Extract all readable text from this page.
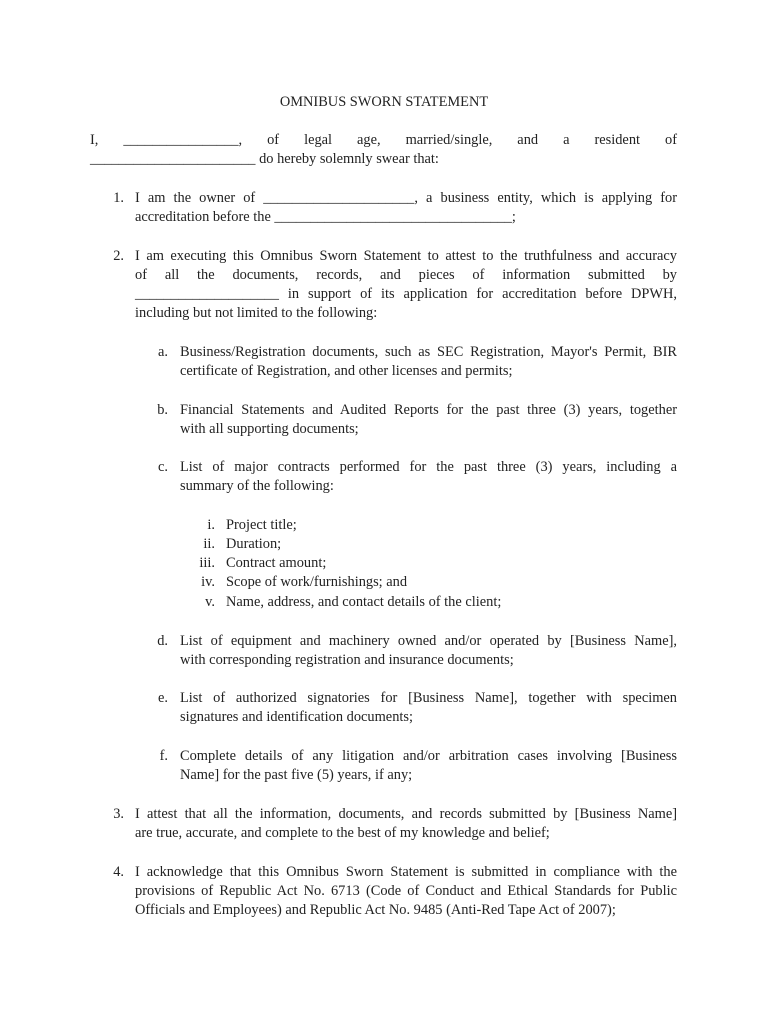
OMNIBUS SWORN STATEMENT
I, ________________, of legal age, married/single, and a resident of
_______________________ do hereby solemnly swear that:
1. I am the owner of _____________________, a business entity, which is applying for
accreditation before the _________________________________;
2. I am executing this Omnibus Sworn Statement to attest to the truthfulness and accuracy
of all the documents, records, and pieces of information submitted by
____________________ in support of its application for accreditation before DPWH,
including but not limited to the following:
a. Business/Registration documents, such as SEC Registration, Mayor's Permit, BIR
certificate of Registration, and other licenses and permits;
b. Financial Statements and Audited Reports for the past three (3) years, together
with all supporting documents;
c. List of major contracts performed for the past three (3) years, including a
summary of the following:
i. Project title;
ii. Duration;
iii. Contract amount;
iv. Scope of work/furnishings; and
v. Name, address, and contact details of the client;
d. List of equipment and machinery owned and/or operated by [Business Name],
with corresponding registration and insurance documents;
e. List of authorized signatories for [Business Name], together with specimen
signatures and identification documents;
f. Complete details of any litigation and/or arbitration cases involving [Business
Name] for the past five (5) years, if any;
3. I attest that all the information, documents, and records submitted by [Business Name]
are true, accurate, and complete to the best of my knowledge and belief;
4. I acknowledge that this Omnibus Sworn Statement is submitted in compliance with the
provisions of Republic Act No. 6713 (Code of Conduct and Ethical Standards for Public
Officials and Employees) and Republic Act No. 9485 (Anti-Red Tape Act of 2007);
